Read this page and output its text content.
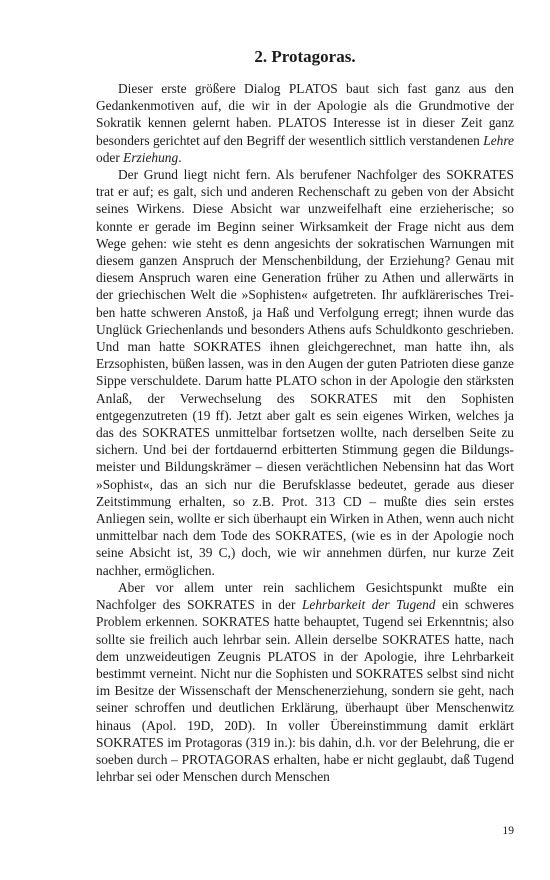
2. Protagoras.

Dieser erste größere Dialog PLATOS baut sich fast ganz aus den Gedankenmotiven auf, die wir in der Apologie als die Grundmotive der Sokratik kennen gelernt haben. PLATOS Interesse ist in dieser Zeit ganz besonders gerichtet auf den Begriff der wesentlich sittlich verstandenen Lehre oder Erziehung.

Der Grund liegt nicht fern. Als berufener Nachfolger des SOKRATES trat er auf; es galt, sich und anderen Rechenschaft zu geben von der Absicht seines Wirkens. Diese Absicht war unzweifelhaft eine erzieherische; so konnte er gerade im Beginn seiner Wirksamkeit der Frage nicht aus dem Wege gehen: wie steht es denn angesichts der sokratischen Warnungen mit diesem ganzen Anspruch der Menschenbildung, der Erziehung? Genau mit diesem Anspruch waren eine Generation früher zu Athen und allerwärts in der griechischen Welt die »Sophisten« aufgetreten. Ihr aufklärerisches Treiben hatte schweren Anstoß, ja Haß und Verfolgung erregt; ihnen wurde das Unglück Griechenlands und besonders Athens aufs Schuldkonto geschrieben. Und man hatte SOKRATES ihnen gleichgerechnet, man hatte ihn, als Erzsophisten, büßen lassen, was in den Augen der guten Patrioten diese ganze Sippe verschuldete. Darum hatte PLATO schon in der Apologie den stärksten Anlaß, der Verwechselung des SOKRATES mit den Sophisten entgegenzutreten (19 ff). Jetzt aber galt es sein eigenes Wirken, welches ja das des SOKRATES unmittelbar fortsetzen wollte, nach derselben Seite zu sichern. Und bei der fortdauernd erbitterten Stimmung gegen die Bildungsmeister und Bildungskrämer – diesen verächtlichen Nebensinn hat das Wort »Sophist«, das an sich nur die Berufsklasse bedeutet, gerade aus dieser Zeitstimmung erhalten, so z.B. Prot. 313 CD – mußte dies sein erstes Anliegen sein, wollte er sich überhaupt ein Wirken in Athen, wenn auch nicht unmittelbar nach dem Tode des SOKRATES, (wie es in der Apologie noch seine Absicht ist, 39 C,) doch, wie wir annehmen dürfen, nur kurze Zeit nachher, ermöglichen.

Aber vor allem unter rein sachlichem Gesichtspunkt mußte ein Nachfolger des SOKRATES in der Lehrbarkeit der Tugend ein schweres Problem erkennen. SOKRATES hatte behauptet, Tugend sei Erkenntnis; also sollte sie freilich auch lehrbar sein. Allein derselbe SOKRATES hatte, nach dem unzweideutigen Zeugnis PLATOS in der Apologie, ihre Lehrbarkeit bestimmt verneint. Nicht nur die Sophisten und SOKRATES selbst sind nicht im Besitze der Wissenschaft der Menschenerziehung, sondern sie geht, nach seiner schroffen und deutlichen Erklärung, überhaupt über Menschenwitz hinaus (Apol. 19D, 20D). In voller Übereinstimmung damit erklärt SOKRATES im Protagoras (319 in.): bis dahin, d.h. vor der Belehrung, die er soeben durch – PROTAGORAS erhalten, habe er nicht geglaubt, daß Tugend lehrbar sei oder Menschen durch Menschen

19
